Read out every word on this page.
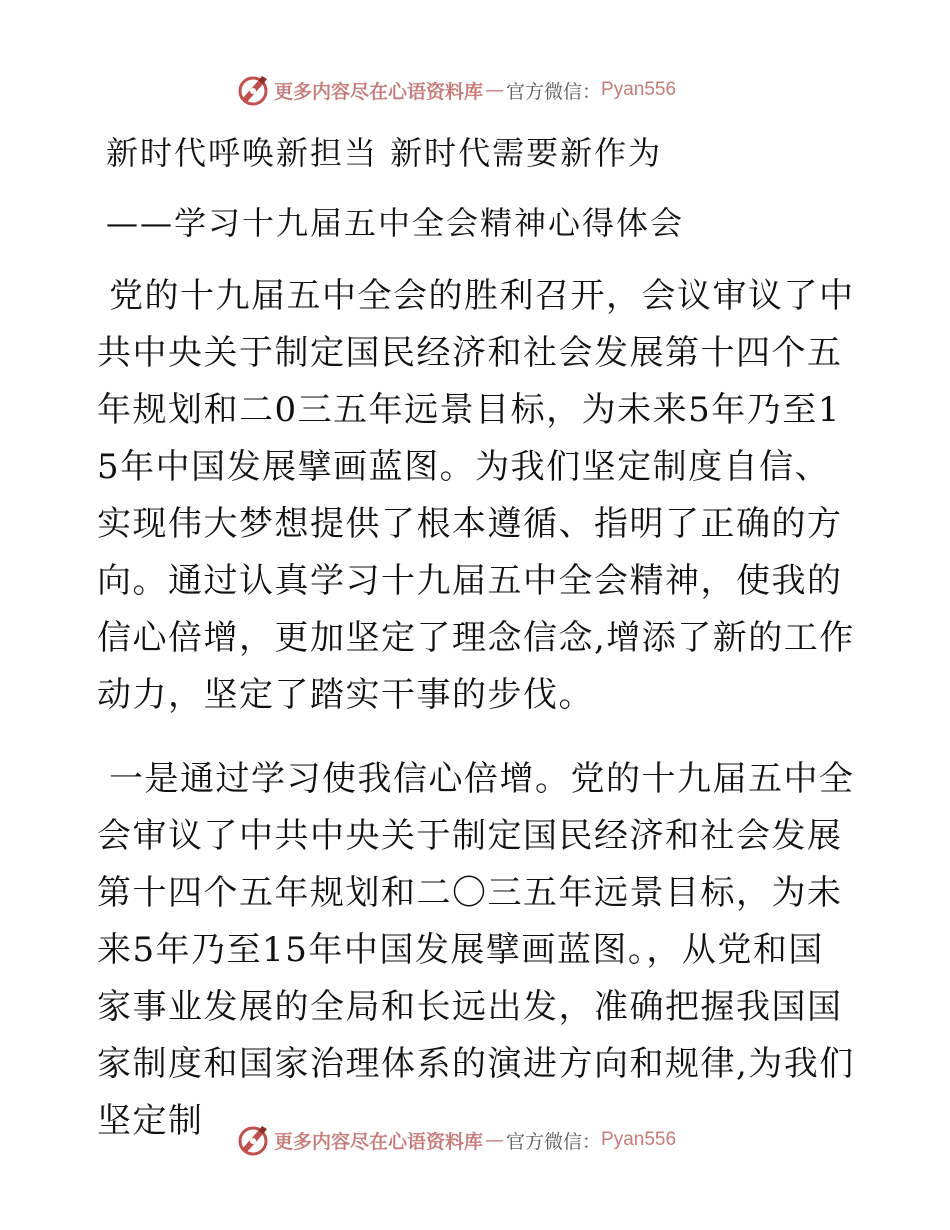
更多内容尽在心语资料库 — 官方微信： Pyan556
新时代呼唤新担当 新时代需要新作为
——学习十九届五中全会精神心得体会

党的十九届五中全会的胜利召开，会议审议了中共中央关于制定国民经济和社会发展第十四个五年规划和二0三五年远景目标，为未来5年乃至15年中国发展擘画蓝图。为我们坚定制度自信、实现伟大梦想提供了根本遵循、指明了正确的方向。通过认真学习十九届五中全会精神，使我的信心倍增，更加坚定了理念信念,增添了新的工作动力，坚定了踏实干事的步伐。

一是通过学习使我信心倍增。党的十九届五中全会审议了中共中央关于制定国民经济和社会发展第十四个五年规划和二〇三五年远景目标，为未来5年乃至15年中国发展擘画蓝图。，从党和国家事业发展的全局和长远出发，准确把握我国国家制度和国家治理体系的演进方向和规律,为我们坚定制

更多内容尽在心语资料库 — 官方微信： Pyan556
